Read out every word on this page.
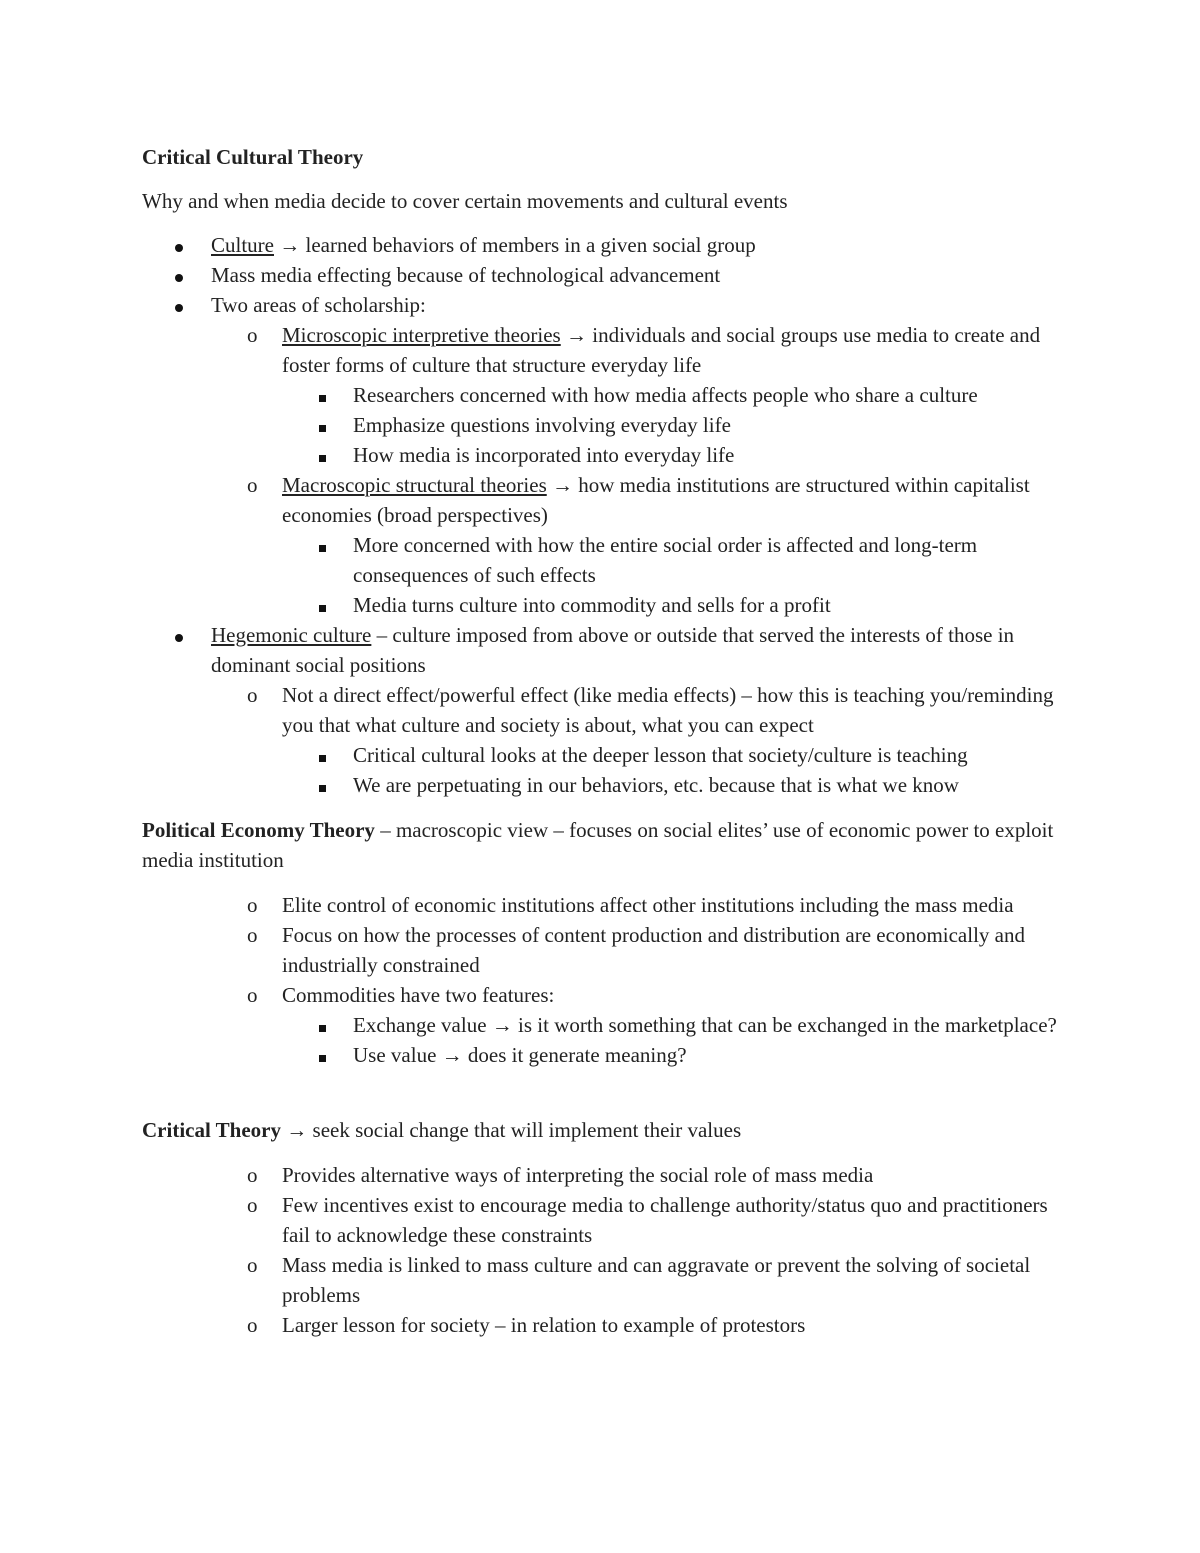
Critical Cultural Theory

Why and when media decide to cover certain movements and cultural events

Culture → learned behaviors of members in a given social group
Mass media effecting because of technological advancement
Two areas of scholarship:
o Microscopic interpretive theories → individuals and social groups use media to create and foster forms of culture that structure everyday life
Researchers concerned with how media affects people who share a culture
Emphasize questions involving everyday life
How media is incorporated into everyday life
o Macroscopic structural theories → how media institutions are structured within capitalist economies (broad perspectives)
More concerned with how the entire social order is affected and long-term consequences of such effects
Media turns culture into commodity and sells for a profit
Hegemonic culture – culture imposed from above or outside that served the interests of those in dominant social positions
o Not a direct effect/powerful effect (like media effects) – how this is teaching you/reminding you that what culture and society is about, what you can expect
Critical cultural looks at the deeper lesson that society/culture is teaching
We are perpetuating in our behaviors, etc. because that is what we know

Political Economy Theory – macroscopic view – focuses on social elites’ use of economic power to exploit media institution

o Elite control of economic institutions affect other institutions including the mass media
o Focus on how the processes of content production and distribution are economically and industrially constrained
o Commodities have two features:
Exchange value → is it worth something that can be exchanged in the marketplace?
Use value → does it generate meaning?

Critical Theory → seek social change that will implement their values

o Provides alternative ways of interpreting the social role of mass media
o Few incentives exist to encourage media to challenge authority/status quo and practitioners fail to acknowledge these constraints
o Mass media is linked to mass culture and can aggravate or prevent the solving of societal problems
o Larger lesson for society – in relation to example of protestors
